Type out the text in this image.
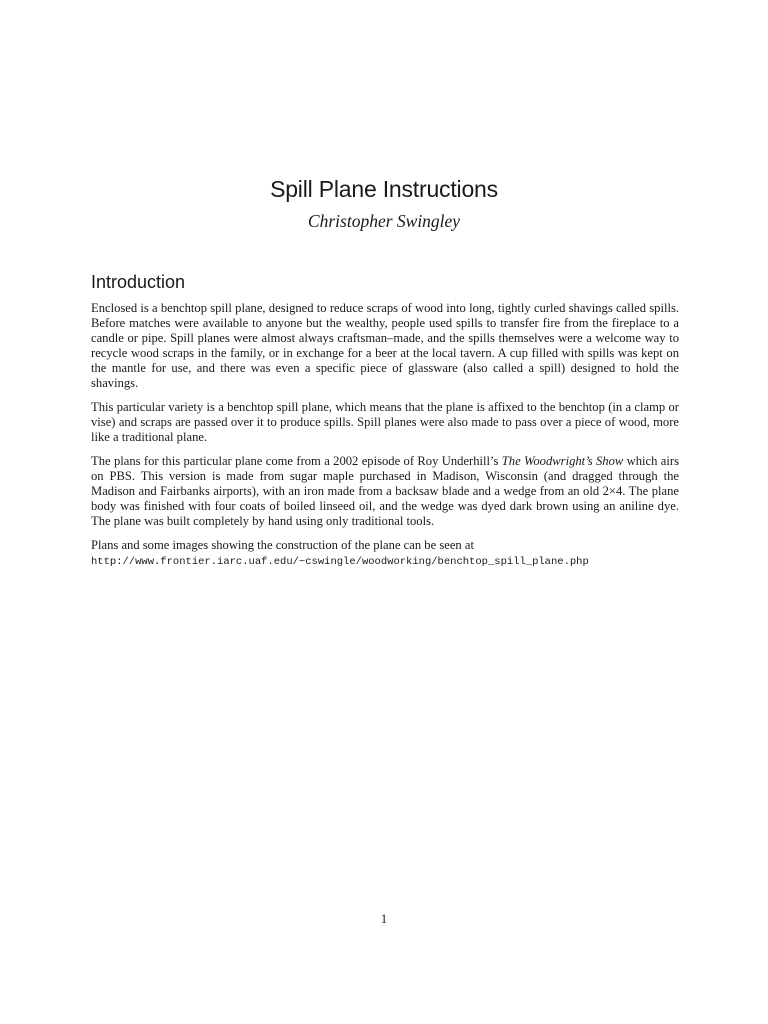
Spill Plane Instructions
Christopher Swingley
Introduction

Enclosed is a benchtop spill plane, designed to reduce scraps of wood into long, tightly curled shavings called spills. Before matches were available to anyone but the wealthy, people used spills to transfer fire from the fireplace to a candle or pipe. Spill planes were almost always craftsman–made, and the spills themselves were a welcome way to recycle wood scraps in the family, or in exchange for a beer at the local tavern. A cup filled with spills was kept on the mantle for use, and there was even a specific piece of glassware (also called a spill) designed to hold the shavings.

This particular variety is a benchtop spill plane, which means that the plane is affixed to the benchtop (in a clamp or vise) and scraps are passed over it to produce spills. Spill planes were also made to pass over a piece of wood, more like a traditional plane.

The plans for this particular plane come from a 2002 episode of Roy Underhill’s The Woodwright’s Show which airs on PBS. This version is made from sugar maple purchased in Madison, Wisconsin (and dragged through the Madison and Fairbanks airports), with an iron made from a backsaw blade and a wedge from an old 2×4. The plane body was finished with four coats of boiled linseed oil, and the wedge was dyed dark brown using an aniline dye. The plane was built completely by hand using only traditional tools.

Plans and some images showing the construction of the plane can be seen at http://www.frontier.iarc.uaf.edu/~cswingle/woodworking/benchtop_spill_plane.php

1
